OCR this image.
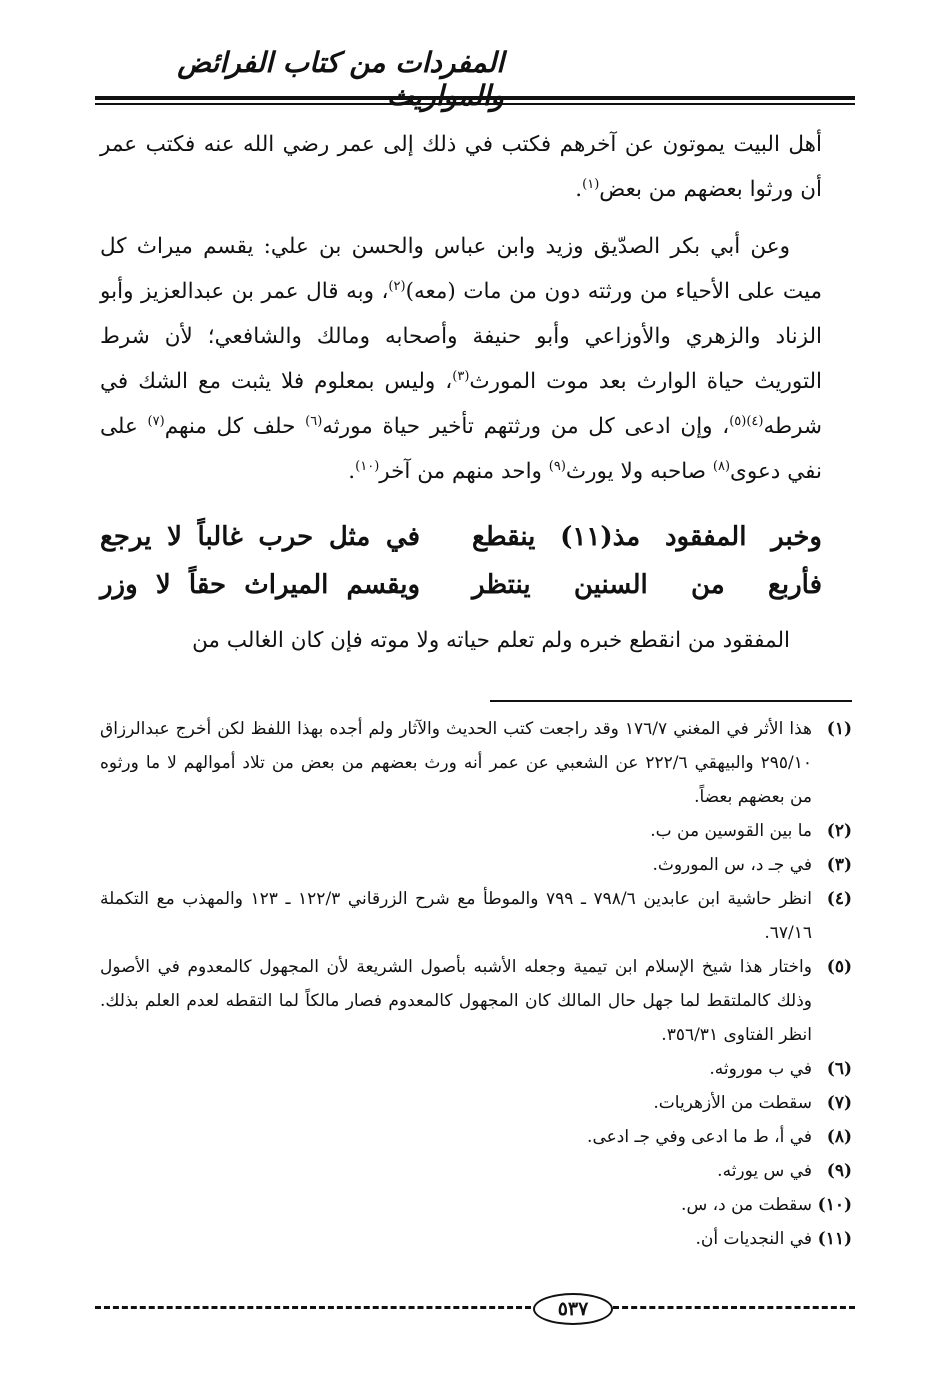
المفردات من كتاب الفرائض

أهل البيت يموتون عن آخرهم فكتب في ذلك إلى عمر رضي الله عنه فكتب عمر أن ورثوا بعضهم من بعض$^{(١)}$.

وعن أبي بكر الصدّيق وزيد وابن عباس والحسن بن علي: يقسم ميراث كل ميت على الأحياء من ورثته دون من مات (معه)$^{(٢)}$، وبه قال عمر بن عبدالعزيز وأبو الزناد والزهري والأوزاعي وأبو حنيفة وأصحابه ومالك والشافعي؛ لأن شرط التوريث حياة الوارث بعد موت المورث$^{(٣)}$، وليس بمعلوم فلا يثبت مع الشك في شرطه$^{(٤)(٥)}$، وإن ادعى كل من ورثتهم تأخير حياة مورثه$^{(٦)}$ حلف كل منهم$^{(٧)}$ على نفي دعوى$^{(٨)}$ صاحبه ولا يورث$^{(٩)}$ واحد منهم من آخر$^{(١٠)}$.

وخبر المفقود مذ(١١) ينقطع
في مثل حرب غالباً لا يرجع
فأربع من السنين ينتظر
ويقسم الميراث حقاً لا وزر
المفقود من انقطع خبره ولم تعلم حياته ولا موته فإن كان الغالب من
(١)
هذا الأثر في المغني ١٧٦/٧ وقد راجعت كتب الحديث والآثار ولم أجده بهذا اللفظ لكن أخرج عبدالرزاق ٢٩٥/١٠ والبيهقي ٢٢٢/٦ عن الشعبي عن عمر أنه ورث بعضهم من بعض من تلاد أموالهم لا ما ورثوه من بعضهم بعضاً.
(٢)
ما بين القوسين من ب.
(٣)
في جـ د، س الموروث.
(٤)
انظر حاشية ابن عابدين ٧٩٨/٦ ـ ٧٩٩ والموطأ مع شرح الزرقاني ١٢٢/٣ ـ ١٢٣ والمهذب مع التكملة ٦٧/١٦.
(٥)
واختار هذا شيخ الإسلام ابن تيمية وجعله الأشبه بأصول الشريعة لأن المجهول كالمعدوم في الأصول وذلك كالملتقط لما جهل حال المالك كان المجهول كالمعدوم فصار مالكاً لما التقطه لعدم العلم بذلك. انظر الفتاوى ٣٥٦/٣١.
(٦)
في ب موروثه.
(٧)
سقطت من الأزهريات.
(٨)
في أ، ط ما ادعى وفي جـ ادعى.
(٩)
في س يورثه.
(١٠)
سقطت من د، س.
(١١)
في النجديات أن.
٥٣٧
